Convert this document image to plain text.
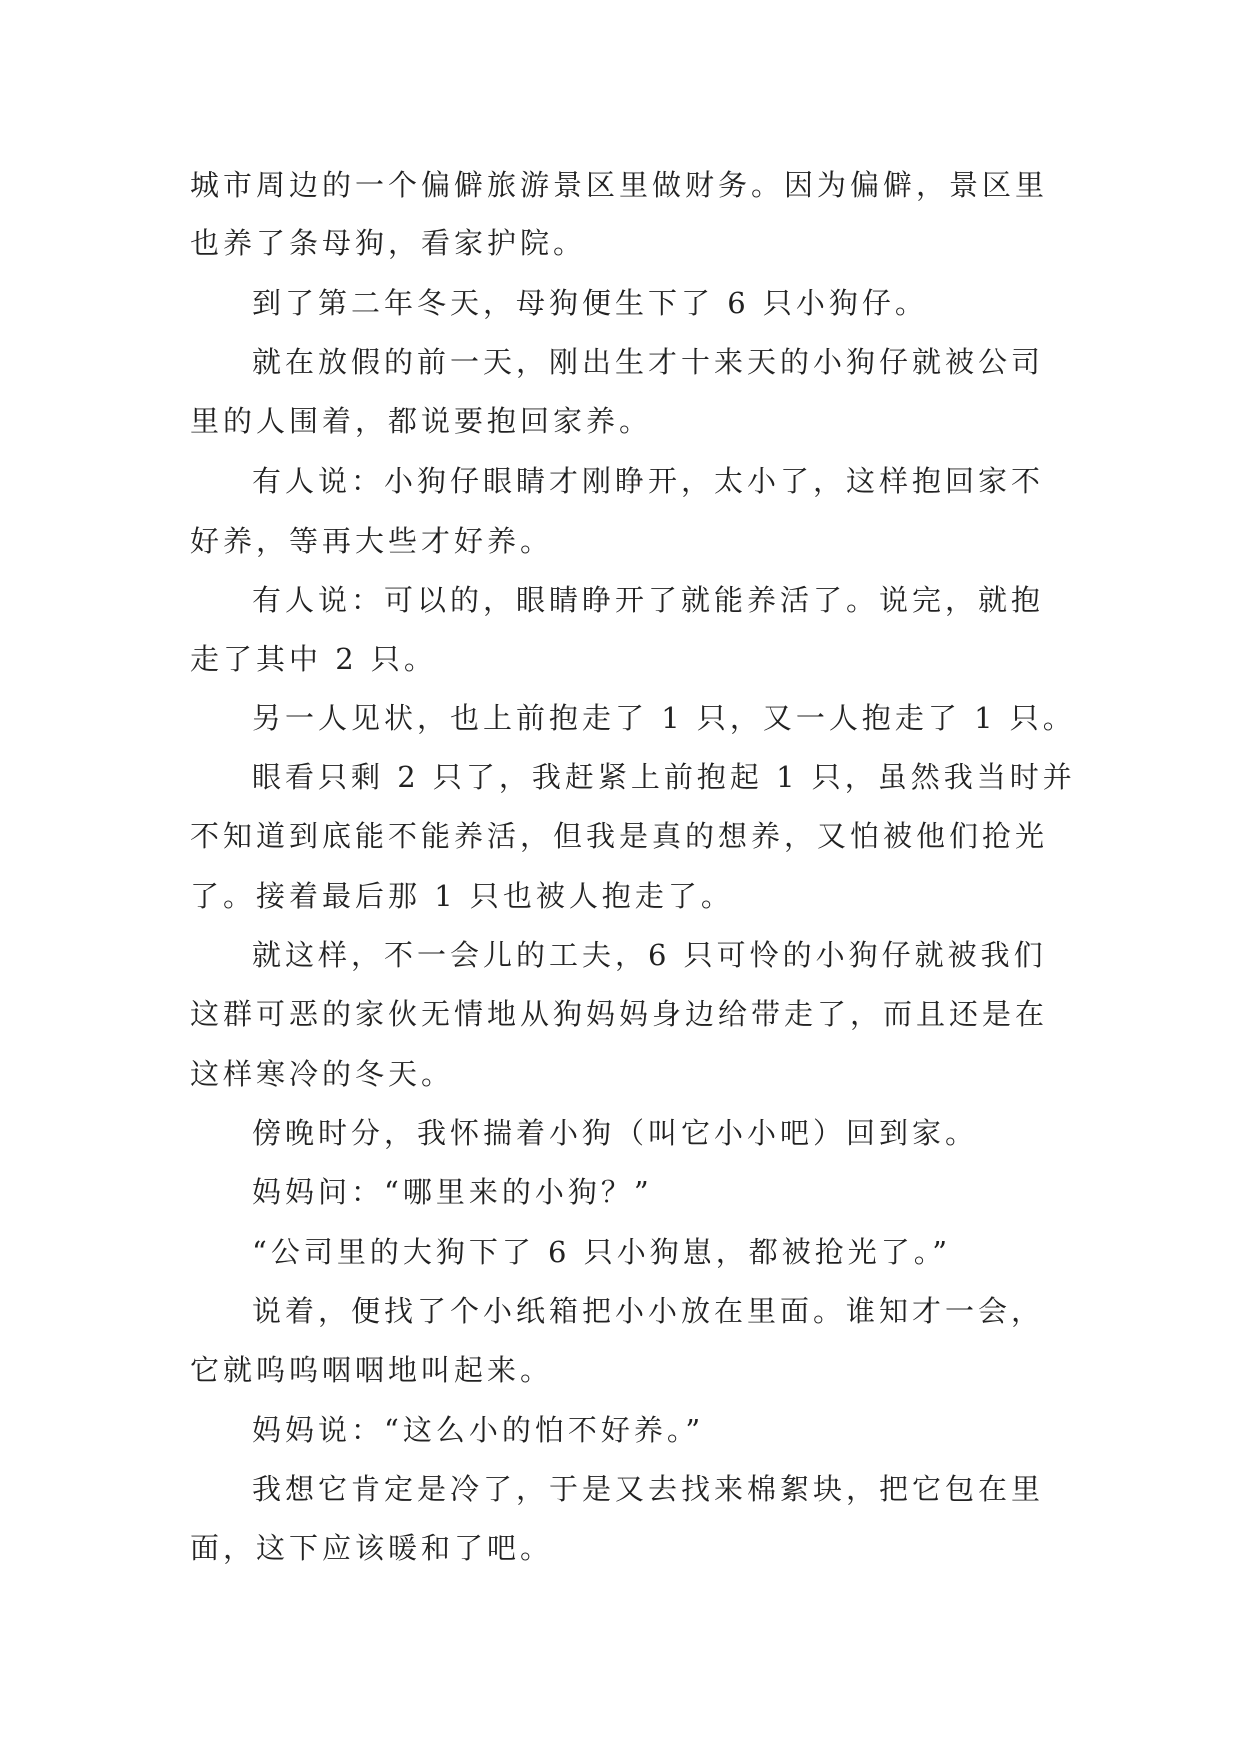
城市周边的一个偏僻旅游景区里做财务。因为偏僻，景区里

也养了条母狗，看家护院。

到了第二年冬天，母狗便生下了 6 只小狗仔。

就在放假的前一天，刚出生才十来天的小狗仔就被公司

里的人围着，都说要抱回家养。

有人说：小狗仔眼睛才刚睁开，太小了，这样抱回家不

好养，等再大些才好养。

有人说：可以的，眼睛睁开了就能养活了。说完，就抱

走了其中 2 只。

另一人见状，也上前抱走了 1 只，又一人抱走了 1 只。

眼看只剩 2 只了，我赶紧上前抱起 1 只，虽然我当时并

不知道到底能不能养活，但我是真的想养，又怕被他们抢光

了。接着最后那 1 只也被人抱走了。

就这样，不一会儿的工夫，6 只可怜的小狗仔就被我们

这群可恶的家伙无情地从狗妈妈身边给带走了，而且还是在

这样寒冷的冬天。

傍晚时分，我怀揣着小狗（叫它小小吧）回到家。

妈妈问：“哪里来的小狗？”

“公司里的大狗下了 6 只小狗崽，都被抢光了。”

说着，便找了个小纸箱把小小放在里面。谁知才一会，

它就呜呜咽咽地叫起来。

妈妈说：“这么小的怕不好养。”

我想它肯定是冷了，于是又去找来棉絮块，把它包在里

面，这下应该暖和了吧。
